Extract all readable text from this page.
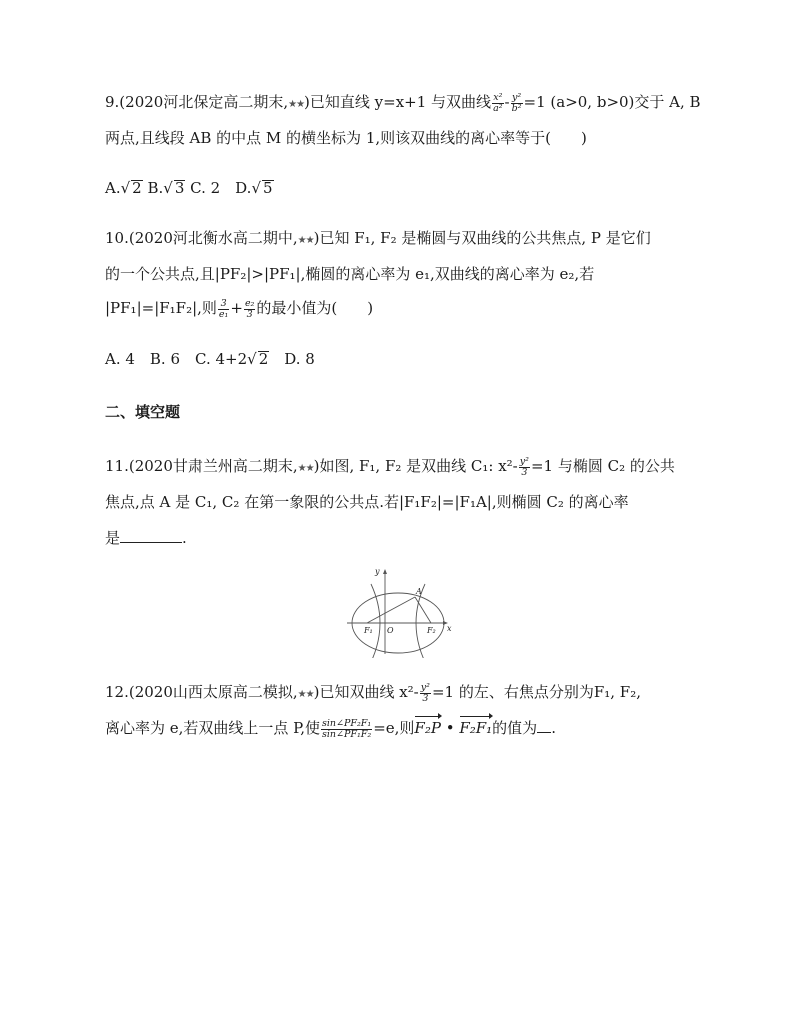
9.(2020河北保定高二期末,★★)已知直线 y=x+1 与双曲线 $\frac{\text{x²}}{\text{a²}} - \frac{\text{y²}}{\text{b²}} =1$ (a>0, b>0)交于 A, B
两点,且线段 AB 的中点 M 的横坐标为 1,则该双曲线的离心率等于(　　)
A.√ 2 B.√ 3 C. 2　D.√ 5
10.(2020河北衡水高二期中,★★)已知 F₁, F₂ 是椭圆与双曲线的公共焦点, P 是它们
的一个公共点,且|PF₂|>|PF₁|,椭圆的离心率为 e₁,双曲线的离心率为 e₂,若
|PF₁|=|F₁F₂|,则 $\frac{3}{\text{e₁}} + \frac{\text{e₂}}{3}$ 的最小值为(　　)
A. 4　B. 6　C. 4+2√ 2　D. 8
二、填空题
11.(2020甘肃兰州高二期末,★★)如图, F₁, F₂ 是双曲线 C₁: $x^2- \frac{\text{y²}}{3} =1$ 与椭圆 C₂ 的公共
焦点,点 A 是 C₁, C₂ 在第一象限的公共点.若|F₁F₂|=|F₁A|,则椭圆 C₂ 的离心率
是	.
y
x
A
O
F₁	F₂
12.(2020山西太原高二模拟,★★)已知双曲线 $x^2- \frac{\text{y²}}{3} =1$ 的左、右焦点分别为F₁, F₂,
离心率为 e,若双曲线上一点 P,使 $\frac{\text{sin∠PF₂F₁}}{\text{sin∠PF₁F₂}} =e$,则F₂P • F₂F₁的值为 .
